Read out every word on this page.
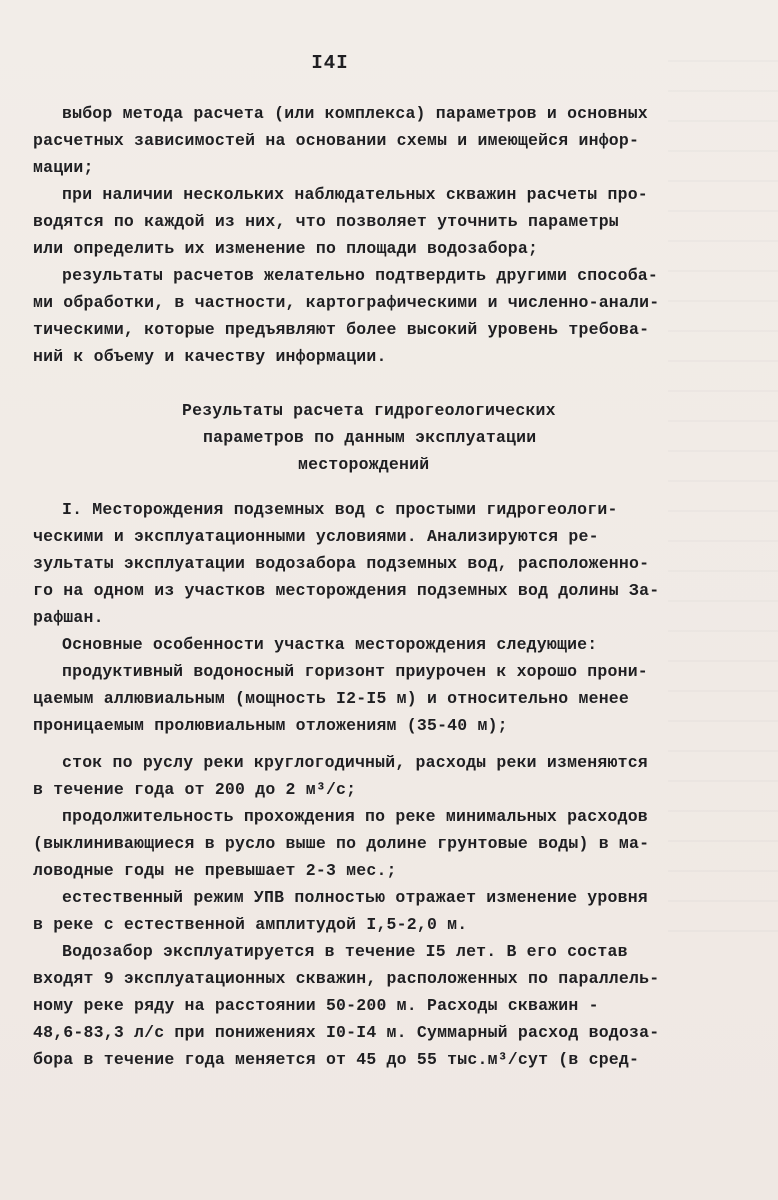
I4I
выбор метода расчета (или комплекса) параметров и основных
расчетных зависимостей на основании схемы и имеющейся инфор-
мации;
при наличии нескольких наблюдательных скважин расчеты про-
водятся по каждой из них, что позволяет уточнить параметры
или определить их изменение по площади водозабора;
результаты расчетов желательно подтвердить другими способа-
ми обработки, в частности, картографическими и численно-анали-
тическими, которые предъявляют более высокий уровень требова-
ний к объему и качеству информации.
Результаты расчета гидрогеологических
параметров по данным эксплуатации
месторождений
I. Месторождения подземных вод с простыми гидрогеологи-
ческими и эксплуатационными условиями. Анализируются ре-
зультаты эксплуатации водозабора подземных вод, расположенно-
го на одном из участков месторождения подземных вод долины За-
рафшан.
Основные особенности участка месторождения следующие:
продуктивный водоносный горизонт приурочен к хорошо прони-
цаемым аллювиальным (мощность I2-I5 м) и относительно менее
проницаемым пролювиальным отложениям (35-40 м);
сток по руслу реки круглогодичный, расходы реки изменяются
в течение года от 200 до 2 м³/с;
продолжительность прохождения по реке минимальных расходов
(выклинивающиеся в русло выше по долине грунтовые воды) в ма-
ловодные годы не превышает 2-3 мес.;
естественный режим УПВ полностью отражает изменение уровня
в реке с естественной амплитудой I,5-2,0 м.
Водозабор эксплуатируется в течение I5 лет. В его состав
входят 9 эксплуатационных скважин, расположенных по параллель-
ному реке ряду на расстоянии 50-200 м. Расходы скважин -
48,6-83,3 л/с при понижениях I0-I4 м. Суммарный расход водоза-
бора в течение года меняется от 45 до 55 тыс.м³/сут (в сред-
